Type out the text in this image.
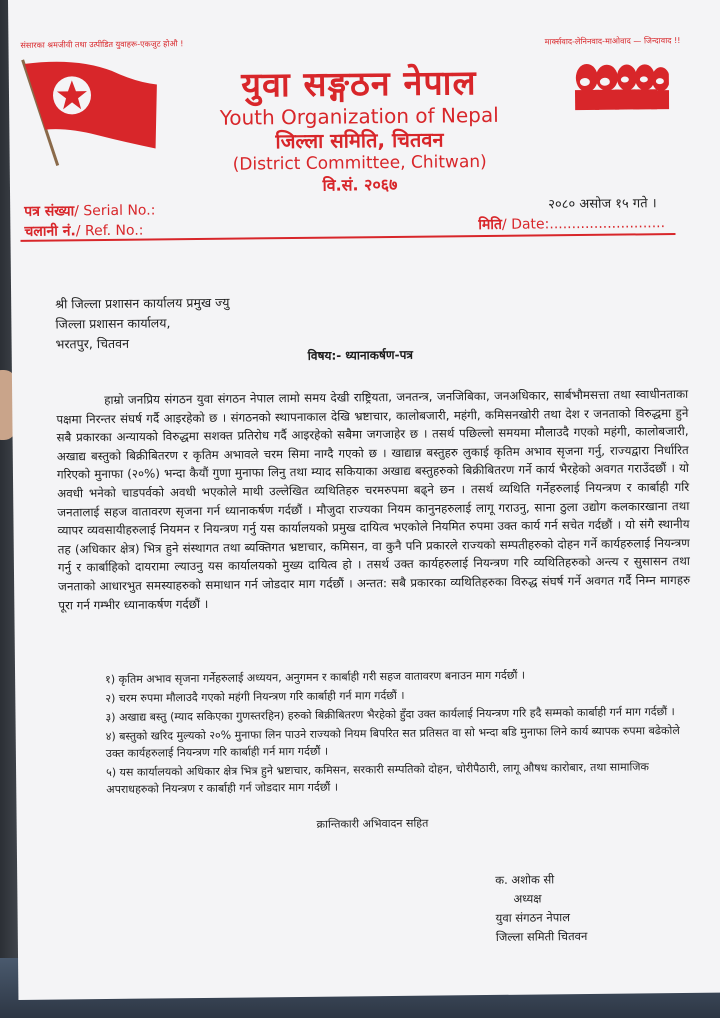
संसारका श्रमजीवी तथा उत्पीडित युवाहरू-एकजुट होऔ !	मार्क्सवाद-लेनिनवाद-माओवाद — जिन्दावाद !!
युवा सङ्गठन नेपाल
Youth Organization of Nepal
जिल्ला समिति, चितवन
(District Committee, Chitwan)
वि.सं. २०६७
पत्र संख्या/ Serial No.:
चलानी नं./ Ref. No.:
२०८० असोज १५ गते ।
मिति/ Date:..........................
श्री जिल्ला प्रशासन कार्यालय प्रमुख ज्यु
जिल्ला प्रशासन कार्यालय,
भरतपुर, चितवन
विषय:- ध्यानाकर्षण-पत्र
हाम्रो जनप्रिय संगठन युवा संगठन नेपाल लामो समय देखी राष्ट्रियता, जनतन्त्र, जनजिबिका, जनअधिकार, सार्बभौमसत्ता तथा स्वाधीनताका पक्षमा निरन्तर संघर्ष गर्दै आइरहेको छ । संगठनको स्थापनाकाल देखि भ्रष्टाचार, कालोबजारी, महंगी, कमिसनखोरी तथा देश र जनताको विरुद्धमा हुने सबै प्रकारका अन्यायको विरुद्धमा सशक्त प्रतिरोध गर्दै आइरहेको सबैमा जगजाहेर छ । तसर्थ पछिल्लो समयमा मौलाउदै गएको महंगी, कालोबजारी, अखाद्य बस्तुको बिक्रीबितरण र कृतिम अभावले चरम सिमा नाग्दै गएको छ । खाद्यान्न बस्तुहरु लुकाई कृतिम अभाव सृजना गर्नु, राज्यद्वारा निर्धारित गरिएको मुनाफा (२०%) भन्दा कैयौं गुणा मुनाफा लिनु तथा म्याद सकियाका अखाद्य बस्तुहरुको बिक्रीबितरण गर्ने कार्य भैरहेको अवगत गराउँदछौं । यो अवधी भनेको चाडपर्वको अवधी भएकोले माथी उल्लेखित व्यथितिहरु चरमरुपमा बढ्ने छन । तसर्थ व्यथिति गर्नेहरुलाई नियन्त्रण र कार्बाही गरि जनतालाई सहज वातावरण सृजना गर्न ध्यानाकर्षण गर्दछौं । मौजुदा राज्यका नियम कानुनहरुलाई लागू गराउनु, साना ठुला उद्योग कलकारखाना तथा व्यापर व्यवसायीहरुलाई नियमन र नियन्त्रण गर्नु यस कार्यालयको प्रमुख दायित्व भएकोले नियमित रुपमा उक्त कार्य गर्न सचेत गर्दछौं । यो संगै स्थानीय तह (अधिकार क्षेत्र) भित्र हुने संस्थागत तथा ब्यक्तिगत भ्रष्टाचार, कमिसन, वा कुनै पनि प्रकारले राज्यको सम्पतीहरुको दोहन गर्ने कार्यहरुलाई नियन्त्रण गर्नु र कार्बाहिको दायरामा ल्याउनु यस कार्यालयको मुख्य दायित्व हो । तसर्थ उक्त कार्यहरुलाई नियन्त्रण गरि व्यथितिहरुको अन्त्य र सुसासन तथा जनताको आधारभुत समस्याहरुको समाधान गर्न जोडदार माग गर्दछौं । अन्तत: सबै प्रकारका व्यथितिहरुका विरुद्ध संघर्ष गर्ने अवगत गर्दै निम्न मागहरु पूरा गर्न गम्भीर ध्यानाकर्षण गर्दछौं ।
१) कृतिम अभाव सृजना गर्नेहरुलाई अध्ययन, अनुगमन र कार्बाही गरी सहज वातावरण बनाउन माग गर्दछौं ।
२) चरम रुपमा मौलाउदै गएको महंगी नियन्त्रण गरि कार्बाही गर्न माग गर्दछौं ।
३) अखाद्य बस्तु (म्याद सकिएका गुणस्तरहिन) हरुको बिक्रीबितरण भैरहेको हुँदा उक्त कार्यलाई नियन्त्रण गरि हदै सम्मको कार्बाही गर्न माग गर्दछौं ।
४) बस्तुको खरिद मुल्यको २०% मुनाफा लिन पाउने राज्यको नियम बिपरित सत प्रतिसत वा सो भन्दा बडि मुनाफा लिने कार्य ब्यापक रुपमा बढेकोले उक्त कार्यहरुलाई नियन्त्रण गरि कार्बाही गर्न माग गर्दछौं ।
५) यस कार्यालयको अधिकार क्षेत्र भित्र हुने भ्रष्टाचार, कमिसन, सरकारी सम्पतिको दोहन, चोरीपैठारी, लागू औषध कारोबार, तथा सामाजिक अपराधहरुको नियन्त्रण र कार्बाही गर्न जोडदार माग गर्दछौं ।
क्रान्तिकारी अभिवादन सहित
क. अशोक सी
अध्यक्ष
युवा संगठन नेपाल
जिल्ला समिती चितवन
